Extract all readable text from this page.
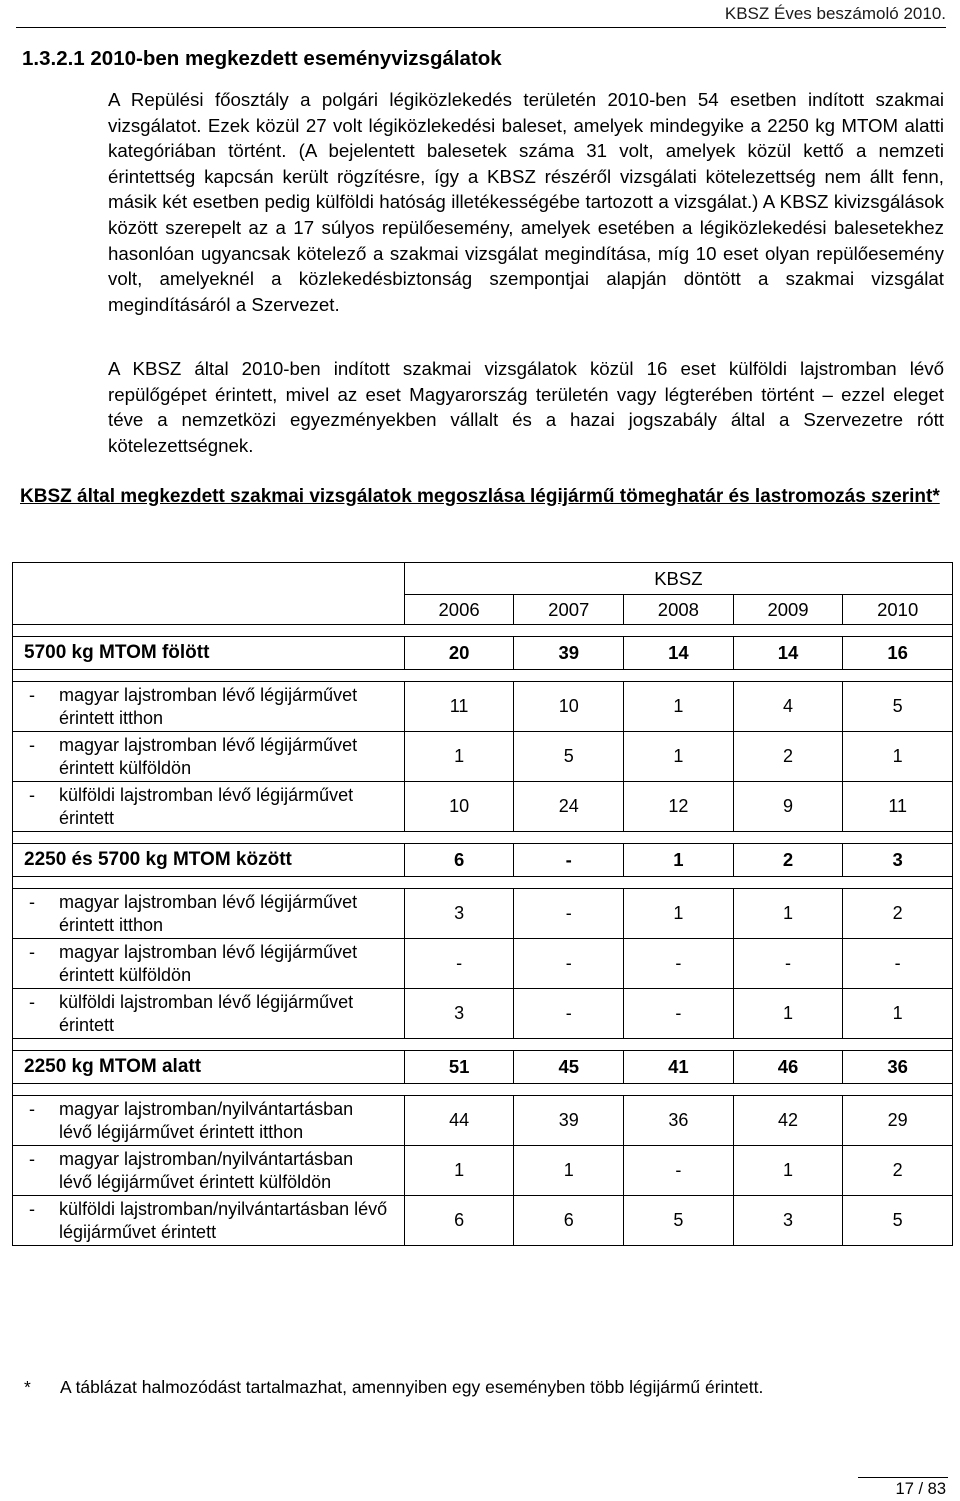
KBSZ Éves beszámoló 2010.
1.3.2.1 2010-ben megkezdett eseményvizsgálatok

A Repülési főosztály a polgári légiközlekedés területén 2010-ben 54 esetben indított szakmai vizsgálatot. Ezek közül 27 volt légiközlekedési baleset, amelyek mindegyike a 2250 kg MTOM alatti kategóriában történt. (A bejelentett balesetek száma 31 volt, amelyek közül kettő a nemzeti érintettség kapcsán került rögzítésre, így a KBSZ részéről vizsgálati kötelezettség nem állt fenn, másik két esetben pedig külföldi hatóság illetékességébe tartozott a vizsgálat.) A KBSZ kivizsgálások között szerepelt az a 17 súlyos repülőesemény, amelyek esetében a légiközlekedési balesetekhez hasonlóan ugyancsak kötelező a szakmai vizsgálat megindítása, míg 10 eset olyan repülőesemény volt, amelyeknél a közlekedésbiztonság szempontjai alapján döntött a szakmai vizsgálat megindításáról a Szervezet.

A KBSZ által 2010-ben indított szakmai vizsgálatok közül 16 eset külföldi lajstromban lévő repülőgépet érintett, mivel az eset Magyarország területén vagy légterében történt – ezzel eleget téve a nemzetközi egyezményekben vállalt és a hazai jogszabály által a Szervezetre rótt kötelezettségnek.

KBSZ által megkezdett szakmai vizsgálatok megoszlása légijármű tömeghatár és lastromozás szerint*

	KBSZ				
	2006	2007	2008	2009	2010

5700 kg MTOM fölött	20	39	14	14	16

- magyar lajstromban lévő légijárművet érintett itthon	11	10	1	4	5
- magyar lajstromban lévő légijárművet érintett külföldön	1	5	1	2	1
- külföldi lajstromban lévő légijárművet érintett	10	24	12	9	11

2250 és 5700 kg MTOM között	6	-	1	2	3

- magyar lajstromban lévő légijárművet érintett itthon	3	-	1	1	2
- magyar lajstromban lévő légijárművet érintett külföldön	-	-	-	-	-
- külföldi lajstromban lévő légijárművet érintett	3	-	-	1	1

2250 kg MTOM alatt	51	45	41	46	36

- magyar lajstromban/nyilvántartásban lévő légijárművet érintett itthon	44	39	36	42	29
- magyar lajstromban/nyilvántartásban lévő légijárművet érintett külföldön	1	1	-	1	2
- külföldi lajstromban/nyilvántartásban lévő légijárművet érintett	6	6	5	3	5
* A táblázat halmozódást tartalmazhat, amennyiben egy eseményben több légijármű érintett.
17 / 83
